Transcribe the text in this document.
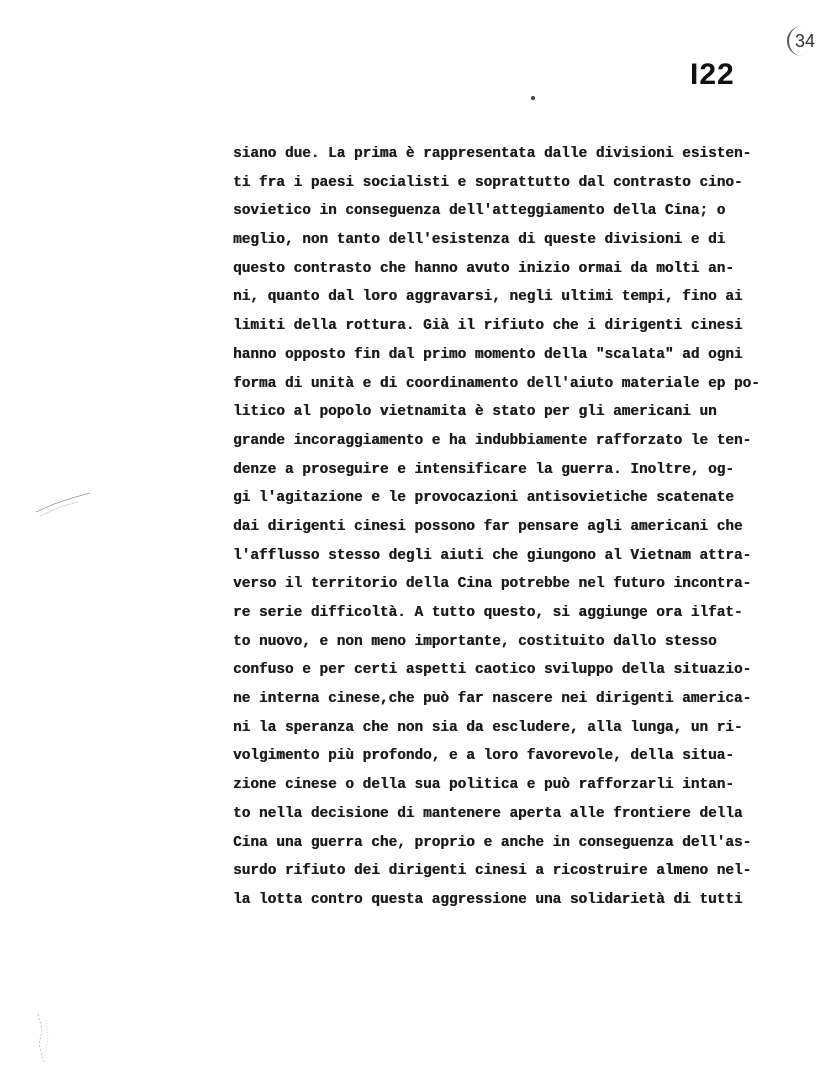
34
I22
siano due. La prima è rappresentata dalle divisioni esisten-
ti fra i paesi socialisti e soprattutto dal contrasto cino-
sovietico in conseguenza dell'atteggiamento della Cina; o
meglio, non tanto dell'esistenza di queste divisioni e di
questo contrasto che hanno avuto inizio ormai da molti an-
ni, quanto dal loro aggravarsi, negli ultimi tempi, fino ai
limiti della rottura. Già il rifiuto che i dirigenti cinesi
hanno opposto fin dal primo momento della "scalata" ad ogni
forma di unità e di coordinamento dell'aiuto materiale ep po-
litico al popolo vietnamita è stato per gli americani un
grande incoraggiamento e ha indubbiamente rafforzato le ten-
denze a proseguire e intensificare la guerra. Inoltre, og-
gi l'agitazione e le provocazioni antisovietiche scatenate
dai dirigenti cinesi possono far pensare agli americani che
l'afflusso stesso degli aiuti che giungono al Vietnam attra-
verso il territorio della Cina potrebbe nel futuro incontra-
re serie difficoltà. A tutto questo, si aggiunge ora ilfat-
to nuovo, e non meno importante, costituito dallo stesso
confuso e per certi aspetti caotico sviluppo della situazio-
ne interna cinese,che può far nascere nei dirigenti america-
ni la speranza che non sia da escludere, alla lunga, un ri-
volgimento più profondo, e a loro favorevole, della situa-
zione cinese o della sua politica e può rafforzarli intan-
to nella decisione di mantenere aperta alle frontiere della
Cina una guerra che, proprio e anche in conseguenza dell'as-
surdo rifiuto dei dirigenti cinesi a ricostruire almeno nel-
la lotta contro questa aggressione una solidarietà di tutti
